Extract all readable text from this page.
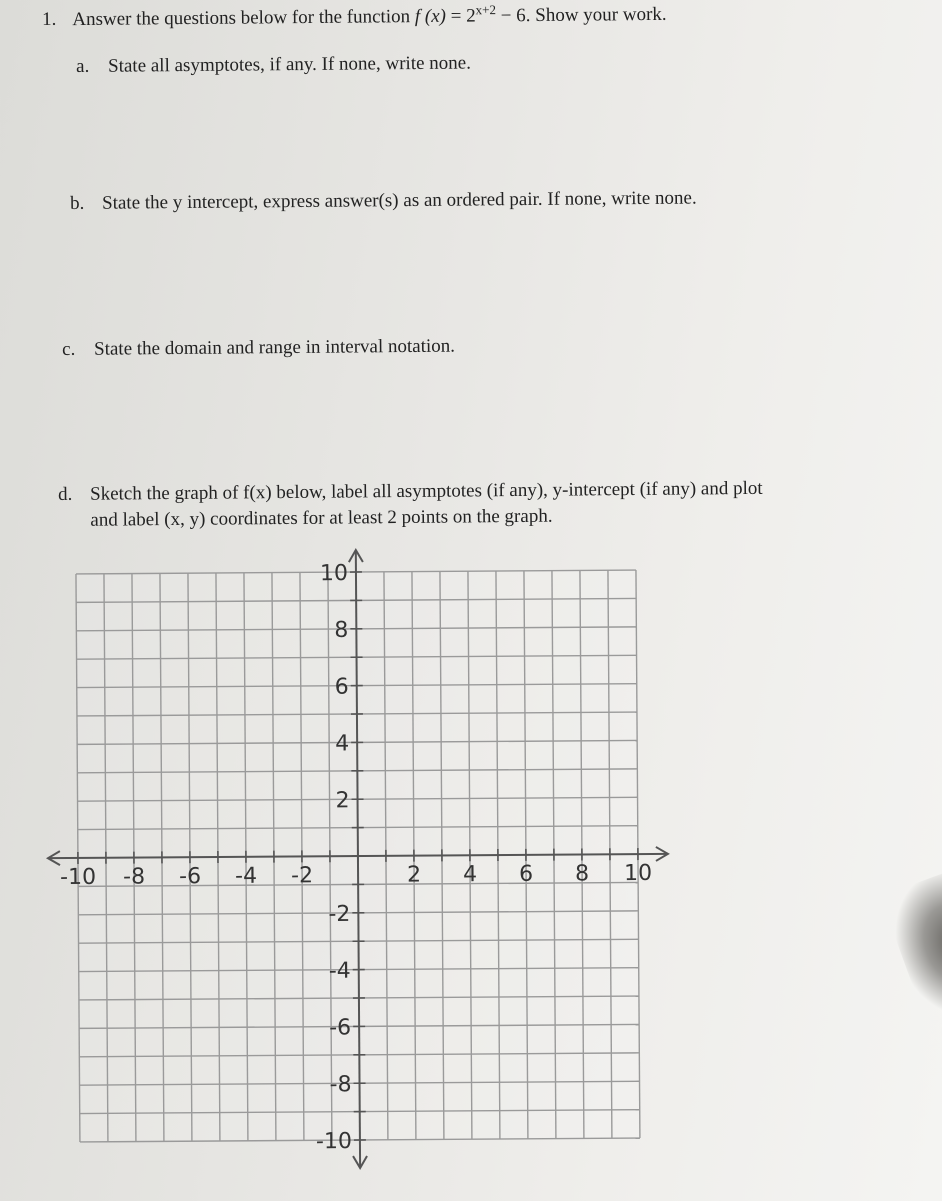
1. Answer the questions below for the function f $(x) = 2^{x+2} - 6$. Show your work.
a. State all asymptotes, if any. If none, write none.
b. State the y intercept, express answer(s) as an ordered pair. If none, write none.
c. State the domain and range in interval notation.
d. Sketch the graph of f(x) below, label all asymptotes (if any), y-intercept (if any) and plot
and label (x, y) coordinates for at least 2 points on the graph.
-10 -8 -6 -4 -2	2 4 6 8 10
10
8
6
4
2
-2
-4
-6
-8
-10
